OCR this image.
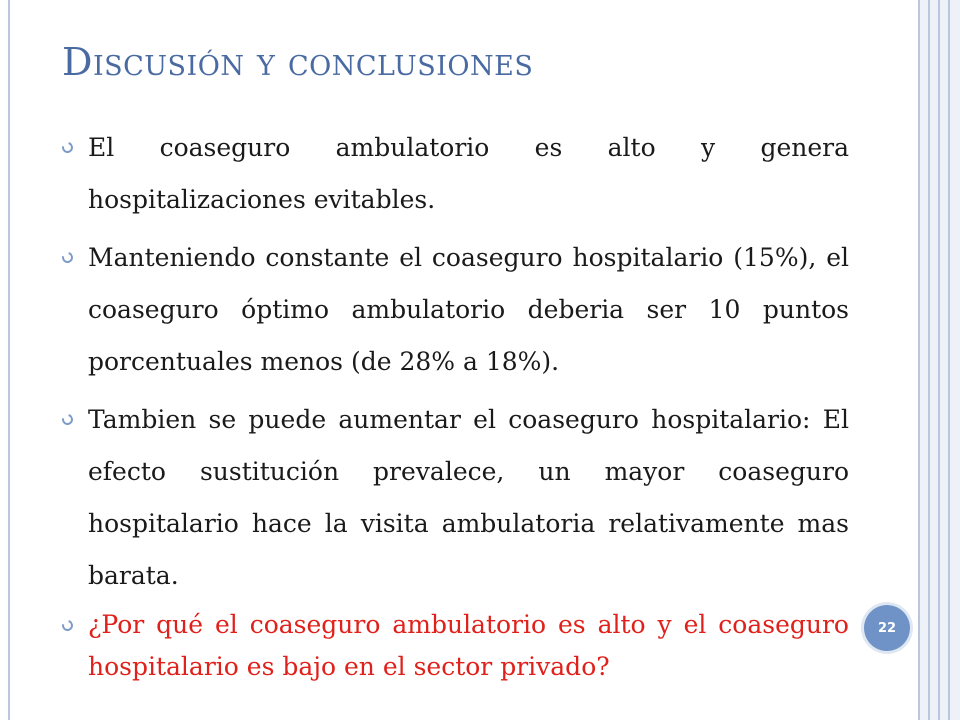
Discusión y conclusiones
El coaseguro ambulatorio es alto y genera hospitalizaciones evitables.
Manteniendo constante el coaseguro hospitalario (15%), el coaseguro óptimo ambulatorio deberia ser 10 puntos porcentuales menos (de 28% a 18%).
Tambien se puede aumentar el coaseguro hospitalario: El efecto sustitución prevalece, un mayor coaseguro hospitalario hace la visita ambulatoria relativamente mas barata.
¿Por qué el coaseguro ambulatorio es alto y el coaseguro hospitalario es bajo en el sector privado?
22
